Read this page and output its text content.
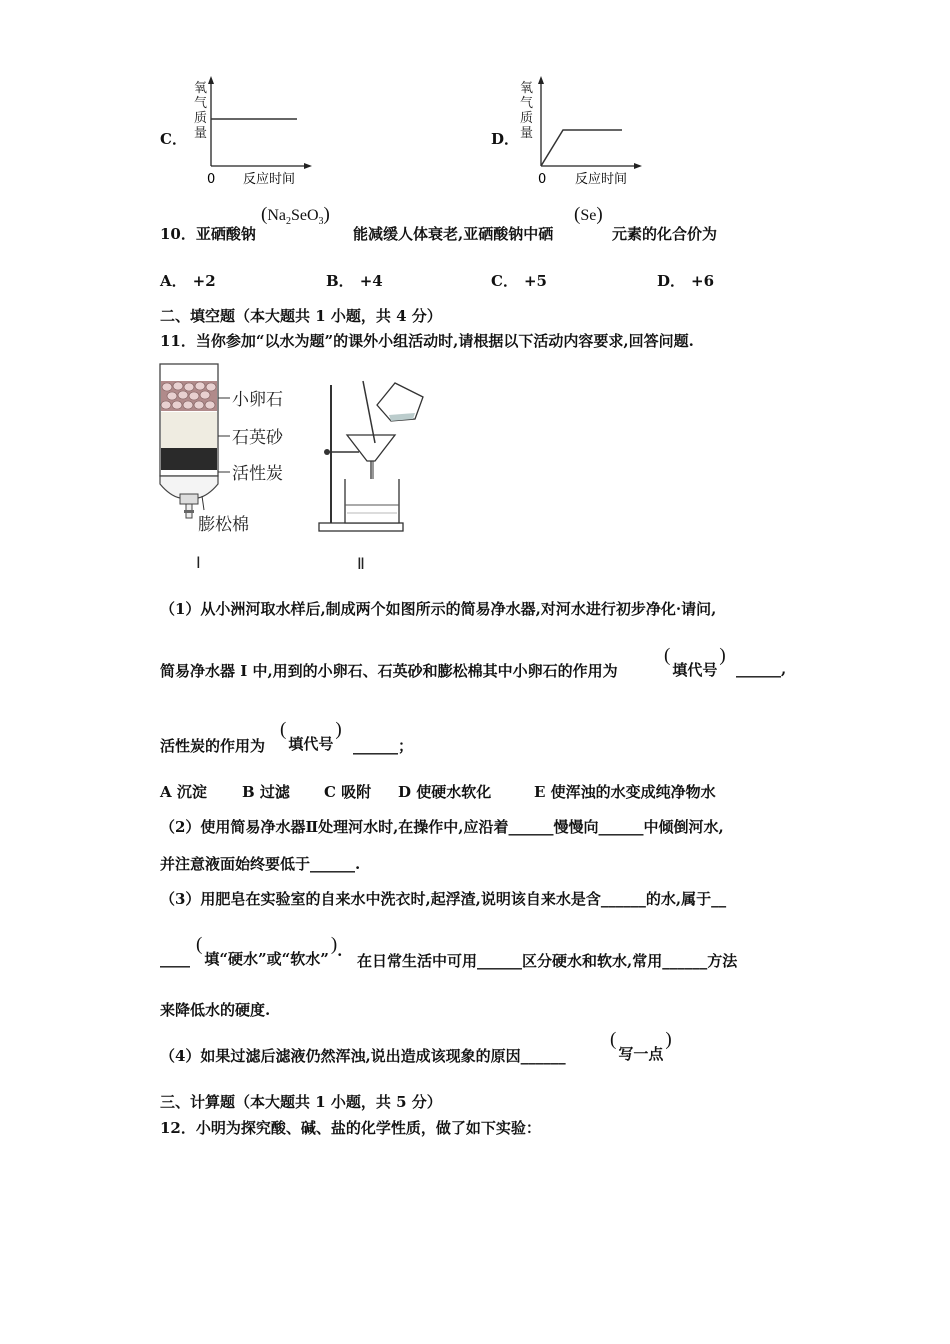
C．
氧
气
质
量
0 反应时间
D．
氧
气
质
量
0 反应时间
10．亚硒酸钠
$(Na_2SeO_3)$
能减缓人体衰老,亚硒酸钠中硒
(Se)
元素的化合价为
A． +2	B． +4	C． +5	D． +6
二、填空题（本大题共 1 小题，共 4 分）
11．当你参加“以水为题”的课外小组活动时,请根据以下活动内容要求,回答问题.
小卵石
石英砂
活性炭
膨松棉
Ⅰ	Ⅱ
（1）从小洲河取水样后,制成两个如图所示的简易净水器,对河水进行初步净化·请问,
简易净水器 I 中,用到的小卵石、石英砂和膨松棉其中小卵石的作用为
(填代号)
______,
活性炭的作用为
(填代号)
______；
A 沉淀 B 过滤 C 吸附 D 使硬水软化	E 使浑浊的水变成纯净物水
（2）使用简易净水器Ⅱ处理河水时,在操作中,应沿着______慢慢向______中倾倒河水,
并注意液面始终要低于______.
（3）用肥皂在实验室的自来水中洗衣时,起浮渣,说明该自来水是含______的水,属于__
____
(填“硬水”或“软水”).
在日常生活中可用______区分硬水和软水,常用______方法
来降低水的硬度.
（4）如果过滤后滤液仍然浑浊,说出造成该现象的原因______
(写一点)
三、计算题（本大题共 1 小题，共 5 分）
12．小明为探究酸、碱、盐的化学性质，做了如下实验：
